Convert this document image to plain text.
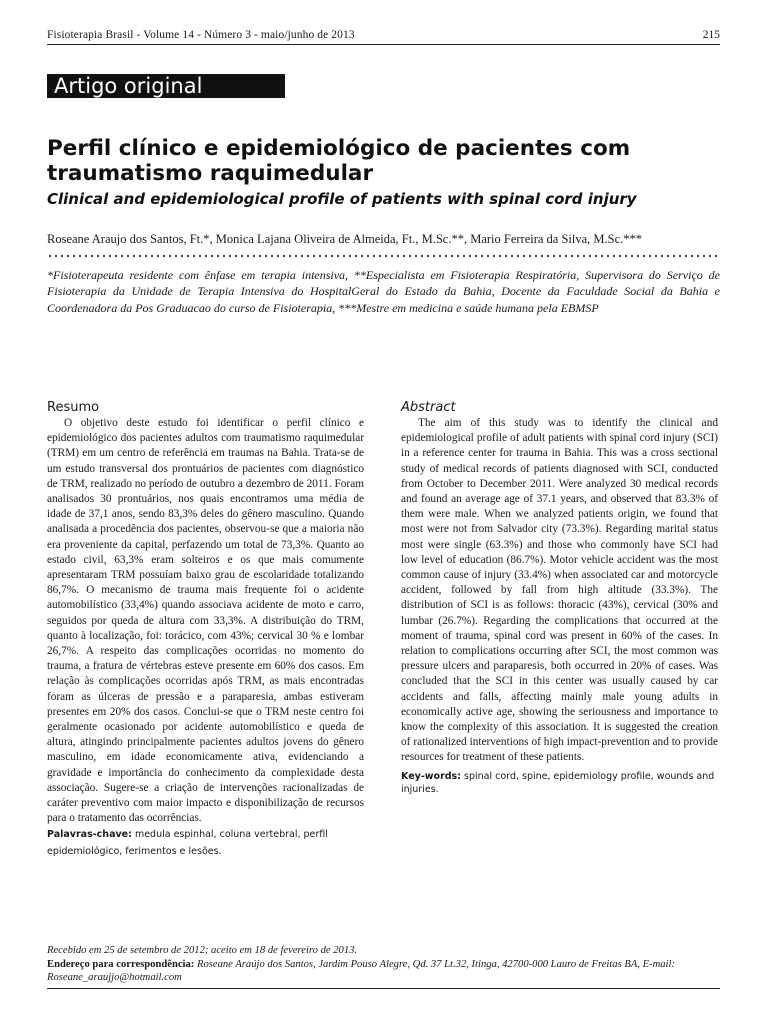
Fisioterapia Brasil - Volume 14 - Número 3 - maio/junho de 2013	215
Artigo original
Perfil clínico e epidemiológico de pacientes com traumatismo raquimedular
Clinical and epidemiological profile of patients with spinal cord injury
Roseane Araujo dos Santos, Ft.*, Monica Lajana Oliveira de Almeida, Ft., M.Sc.**, Mario Ferreira da Silva, M.Sc.***
*Fisioterapeuta residente com ênfase em terapia intensiva, **Especialista em Fisioterapia Respiratória, Supervisora do Serviço de Fisioterapia da Unidade de Terapia Intensiva do HospitalGeral do Estado da Bahia, Docente da Faculdade Social da Bahia e Coordenadora da Pos Graduacao do curso de Fisioterapia, ***Mestre em medicina e saúde humana pela EBMSP
Resumo

O objetivo deste estudo foi identificar o perfil clínico e epidemiológico dos pacientes adultos com traumatismo raquimedular (TRM) em um centro de referência em traumas na Bahia. Trata-se de um estudo transversal dos prontuários de pacientes com diagnóstico de TRM, realizado no período de outubro a dezembro de 2011. Foram analisados 30 prontuários, nos quais encontramos uma média de idade de 37,1 anos, sendo 83,3% deles do gênero masculino. Quando analisada a procedência dos pacientes, observou-se que a maioria não era proveniente da capital, perfazendo um total de 73,3%. Quanto ao estado civil, 63,3% eram solteiros e os que mais comumente apresentaram TRM possuíam baixo grau de escolaridade totalizando 86,7%. O mecanismo de trauma mais frequente foi o acidente automobilístico (33,4%) quando associava acidente de moto e carro, seguidos por queda de altura com 33,3%. A distribuição do TRM, quanto à localização, foi: torácico, com 43%; cervical 30 % e lombar 26,7%. A respeito das complicações ocorridas no momento do trauma, a fratura de vértebras esteve presente em 60% dos casos. Em relação às complicações ocorridas após TRM, as mais encontradas foram as úlceras de pressão e a paraparesia, ambas estiveram presentes em 20% dos casos. Conclui-se que o TRM neste centro foi geralmente ocasionado por acidente automobilístico e queda de altura, atingindo principalmente pacientes adultos jovens do gênero masculino, em idade economicamente ativa, evidenciando a gravidade e importância do conhecimento da complexidade desta associação. Sugere-se a criação de intervenções racionalizadas de caráter preventivo com maior impacto e disponibilização de recursos para o tratamento das ocorrências.

Palavras-chave: medula espinhal, coluna vertebral, perfil epidemiológico, ferimentos e lesões.
Abstract

The aim of this study was to identify the clinical and epidemiological profile of adult patients with spinal cord injury (SCI) in a reference center for trauma in Bahia. This was a cross sectional study of medical records of patients diagnosed with SCI, conducted from October to December 2011. Were analyzed 30 medical records and found an average age of 37.1 years, and observed that 83.3% of them were male. When we analyzed patients origin, we found that most were not from Salvador city (73.3%). Regarding marital status most were single (63.3%) and those who commonly have SCI had low level of education (86.7%). Motor vehicle accident was the most common cause of injury (33.4%) when associated car and motorcycle accident, followed by fall from high altitude (33.3%). The distribution of SCI is as follows: thoracic (43%), cervical (30% and lumbar (26.7%). Regarding the complications that occurred at the moment of trauma, spinal cord was present in 60% of the cases. In relation to complications occurring after SCI, the most common was pressure ulcers and paraparesis, both occurred in 20% of cases. Was concluded that the SCI in this center was usually caused by car accidents and falls, affecting mainly male young adults in economically active age, showing the seriousness and importance to know the complexity of this association. It is suggested the creation of rationalized interventions of high impact-prevention and to provide resources for treatment of these patients.

Key-words: spinal cord, spine, epidemiology profile, wounds and injuries.
Recebido em 25 de setembro de 2012; aceito em 18 de fevereiro de 2013.
Endereço para correspondência: Roseane Araújo dos Santos, Jardim Pouso Alegre, Qd. 37 Lt.32, Itinga, 42700-000 Lauro de Freitas BA, E-mail: Roseane_araujjo@hotmail.com
